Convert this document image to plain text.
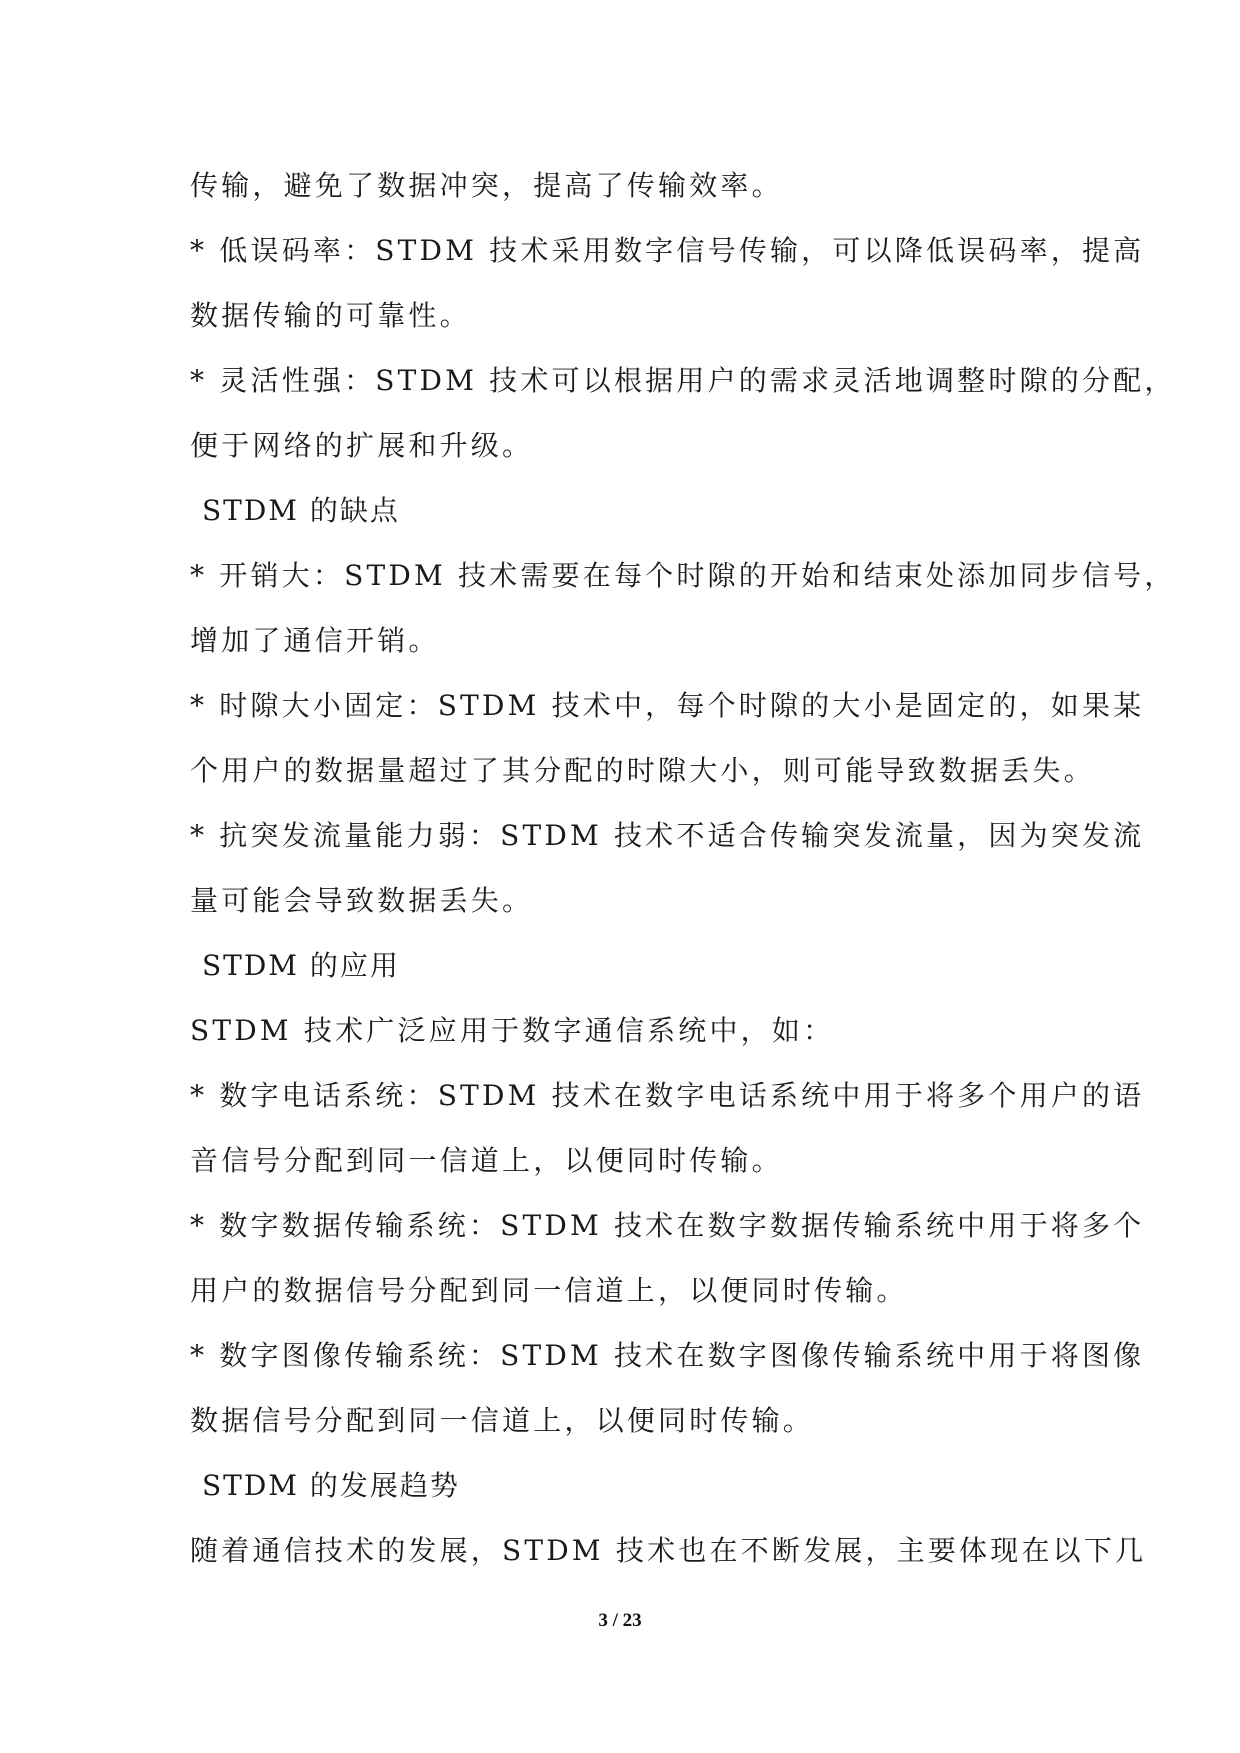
传输，避免了数据冲突，提高了传输效率。
* 低误码率：STDM 技术采用数字信号传输，可以降低误码率，提高
数据传输的可靠性。
* 灵活性强：STDM 技术可以根据用户的需求灵活地调整时隙的分配，
便于网络的扩展和升级。
STDM 的缺点
* 开销大：STDM 技术需要在每个时隙的开始和结束处添加同步信号，
增加了通信开销。
* 时隙大小固定：STDM 技术中，每个时隙的大小是固定的，如果某
个用户的数据量超过了其分配的时隙大小，则可能导致数据丢失。
* 抗突发流量能力弱：STDM 技术不适合传输突发流量，因为突发流
量可能会导致数据丢失。
STDM 的应用
STDM 技术广泛应用于数字通信系统中，如：
* 数字电话系统：STDM 技术在数字电话系统中用于将多个用户的语
音信号分配到同一信道上，以便同时传输。
* 数字数据传输系统：STDM 技术在数字数据传输系统中用于将多个
用户的数据信号分配到同一信道上，以便同时传输。
* 数字图像传输系统：STDM 技术在数字图像传输系统中用于将图像
数据信号分配到同一信道上，以便同时传输。
STDM 的发展趋势
随着通信技术的发展，STDM 技术也在不断发展，主要体现在以下几
3 / 23
